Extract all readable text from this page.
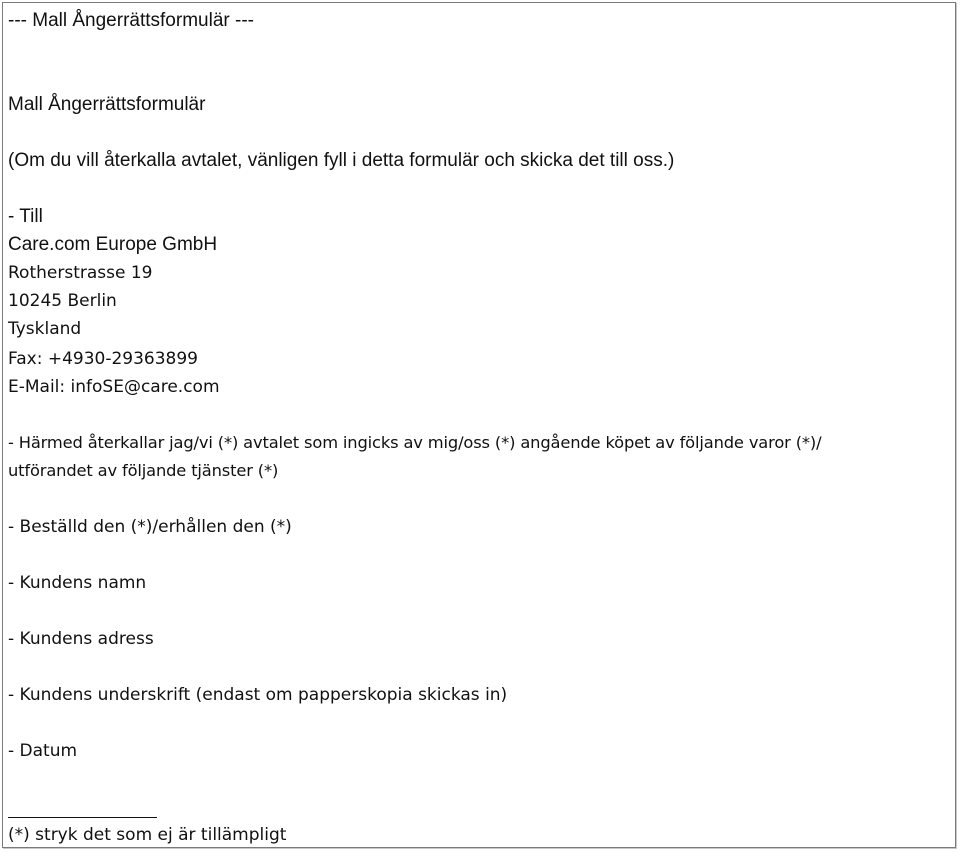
--- Mall Ångerrättsformulär ---
Mall Ångerrättsformulär
(Om du vill återkalla avtalet, vänligen fyll i detta formulär och skicka det till oss.)
- Till
Care.com Europe GmbH
Rotherstrasse 19
10245 Berlin
Tyskland
Fax: +4930-29363899
E-Mail: infoSE@care.com
- Härmed återkallar jag/vi (*) avtalet som ingicks av mig/oss (*) angående köpet av följande varor (*)/
utförandet av följande tjänster (*)
- Beställd den (*)/erhållen den (*)
- Kundens namn
- Kundens adress
- Kundens underskrift (endast om papperskopia skickas in)
- Datum
(*) stryk det som ej är tillämpligt
